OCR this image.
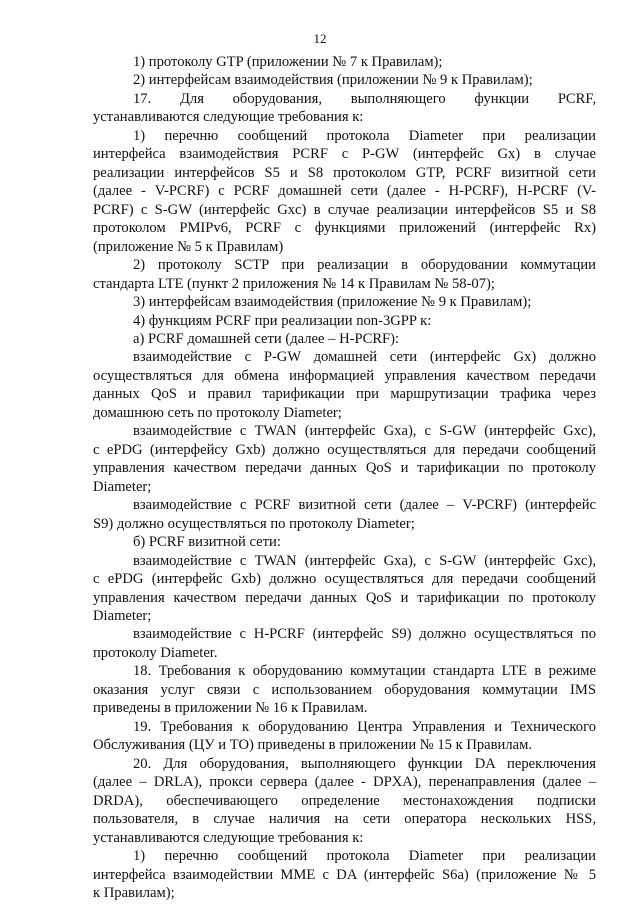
12
1) протоколу GTP (приложении № 7 к Правилам);
2) интерфейсам взаимодействия (приложении № 9 к Правилам);
17. Для оборудования, выполняющего функции PCRF,
устанавливаются следующие требования к:
1) перечню сообщений протокола Diameter при реализации
интерфейса взаимодействия PCRF с P-GW (интерфейс Gx) в случае
реализации интерфейсов S5 и S8 протоколом GTP, PCRF визитной сети
(далее - V-PCRF) с PCRF домашней сети (далее - H-PCRF), H-PCRF (V-
PCRF) с S-GW (интерфейс Gxc) в случае реализации интерфейсов S5 и S8
протоколом PMIPv6, PCRF с функциями приложений (интерфейс Rx)
(приложение № 5 к Правилам)
2) протоколу SCTP при реализации в оборудовании коммутации
стандарта LTE (пункт 2 приложения № 14 к Правилам № 58-07);
3) интерфейсам взаимодействия (приложение № 9 к Правилам);
4) функциям PCRF при реализации non-3GPP к:
а) PCRF домашней сети (далее – H-PCRF):
взаимодействие с P-GW домашней сети (интерфейс Gx) должно
осуществляться для обмена информацией управления качеством передачи
данных QoS и правил тарификации при маршрутизации трафика через
домашнюю сеть по протоколу Diameter;
взаимодействие с TWAN (интерфейс Gxa), с S-GW (интерфейс Gxc),
с ePDG (интерфейсу Gxb) должно осуществляться для передачи сообщений
управления качеством передачи данных QoS и тарификации по протоколу
Diameter;
взаимодействие с PCRF визитной сети (далее – V-PCRF) (интерфейс
S9) должно осуществляться по протоколу Diameter;
б) PCRF визитной сети:
взаимодействие с TWAN (интерфейс Gxa), с S-GW (интерфейс Gxc),
с ePDG (интерфейс Gxb) должно осуществляться для передачи сообщений
управления качеством передачи данных QoS и тарификации по протоколу
Diameter;
взаимодействие с H-PCRF (интерфейс S9) должно осуществляться по
протоколу Diameter.
18. Требования к оборудованию коммутации стандарта LTE в режиме
оказания услуг связи с использованием оборудования коммутации IMS
приведены в приложении № 16 к Правилам.
19. Требования к оборудованию Центра Управления и Технического
Обслуживания (ЦУ и ТО) приведены в приложении № 15 к Правилам.
20. Для оборудования, выполняющего функции DA переключения
(далее – DRLA), прокси сервера (далее - DPXA), перенаправления (далее –
DRDA), обеспечивающего определение местонахождения подписки
пользователя, в случае наличия на сети оператора нескольких HSS,
устанавливаются следующие требования к:
1) перечню сообщений протокола Diameter при реализации
интерфейса взаимодействии MME с DA (интерфейс S6a) (приложение № 5
к Правилам);
